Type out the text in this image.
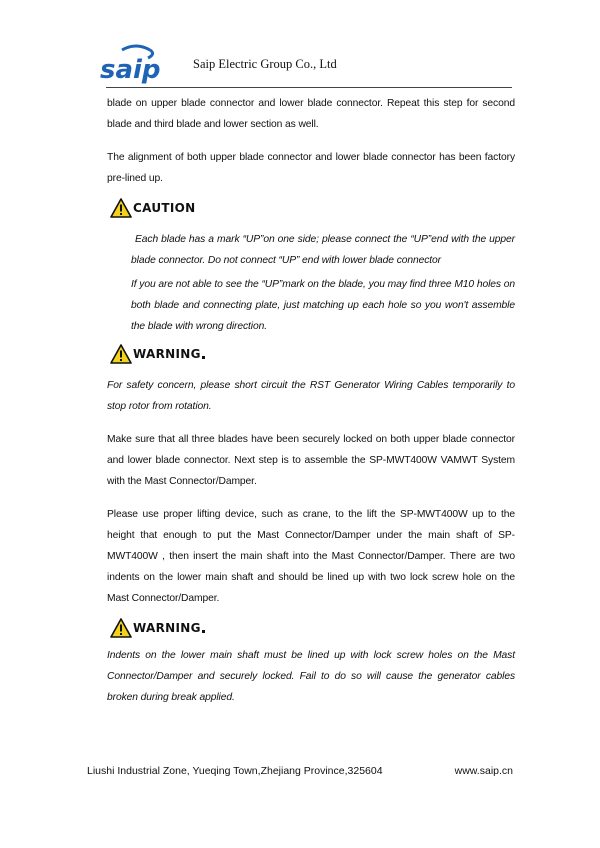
saip	Saip Electric Group Co., Ltd
blade on upper blade connector and lower blade connector. Repeat this step for second blade and third blade and lower section as well.
The alignment of both upper blade connector and lower blade connector has been factory pre-lined up.
CAUTION
Each blade has a mark “UP”on one side; please connect the “UP”end with the upper blade connector. Do not connect “UP” end with lower blade connector
If you are not able to see the “UP”mark on the blade, you may find three M10 holes on both blade and connecting plate, just matching up each hole so you won't assemble the blade with wrong direction.
WARNING
For safety concern, please short circuit the RST Generator Wiring Cables temporarily to stop rotor from rotation.
Make sure that all three blades have been securely locked on both upper blade connector and lower blade connector. Next step is to assemble the SP-MWT400W VAMWT System with the Mast Connector/Damper.
Please use proper lifting device, such as crane, to the lift the SP-MWT400W up to the height that enough to put the Mast Connector/Damper under the main shaft of SP-MWT400W , then insert the main shaft into the Mast Connector/Damper. There are two indents on the lower main shaft and should be lined up with two lock screw hole on the Mast Connector/Damper.
WARNING
Indents on the lower main shaft must be lined up with lock screw holes on the Mast Connector/Damper and securely locked. Fail to do so will cause the generator cables broken during break applied.
Liushi Industrial Zone, Yueqing Town,Zhejiang Province,325604	www.saip.cn
